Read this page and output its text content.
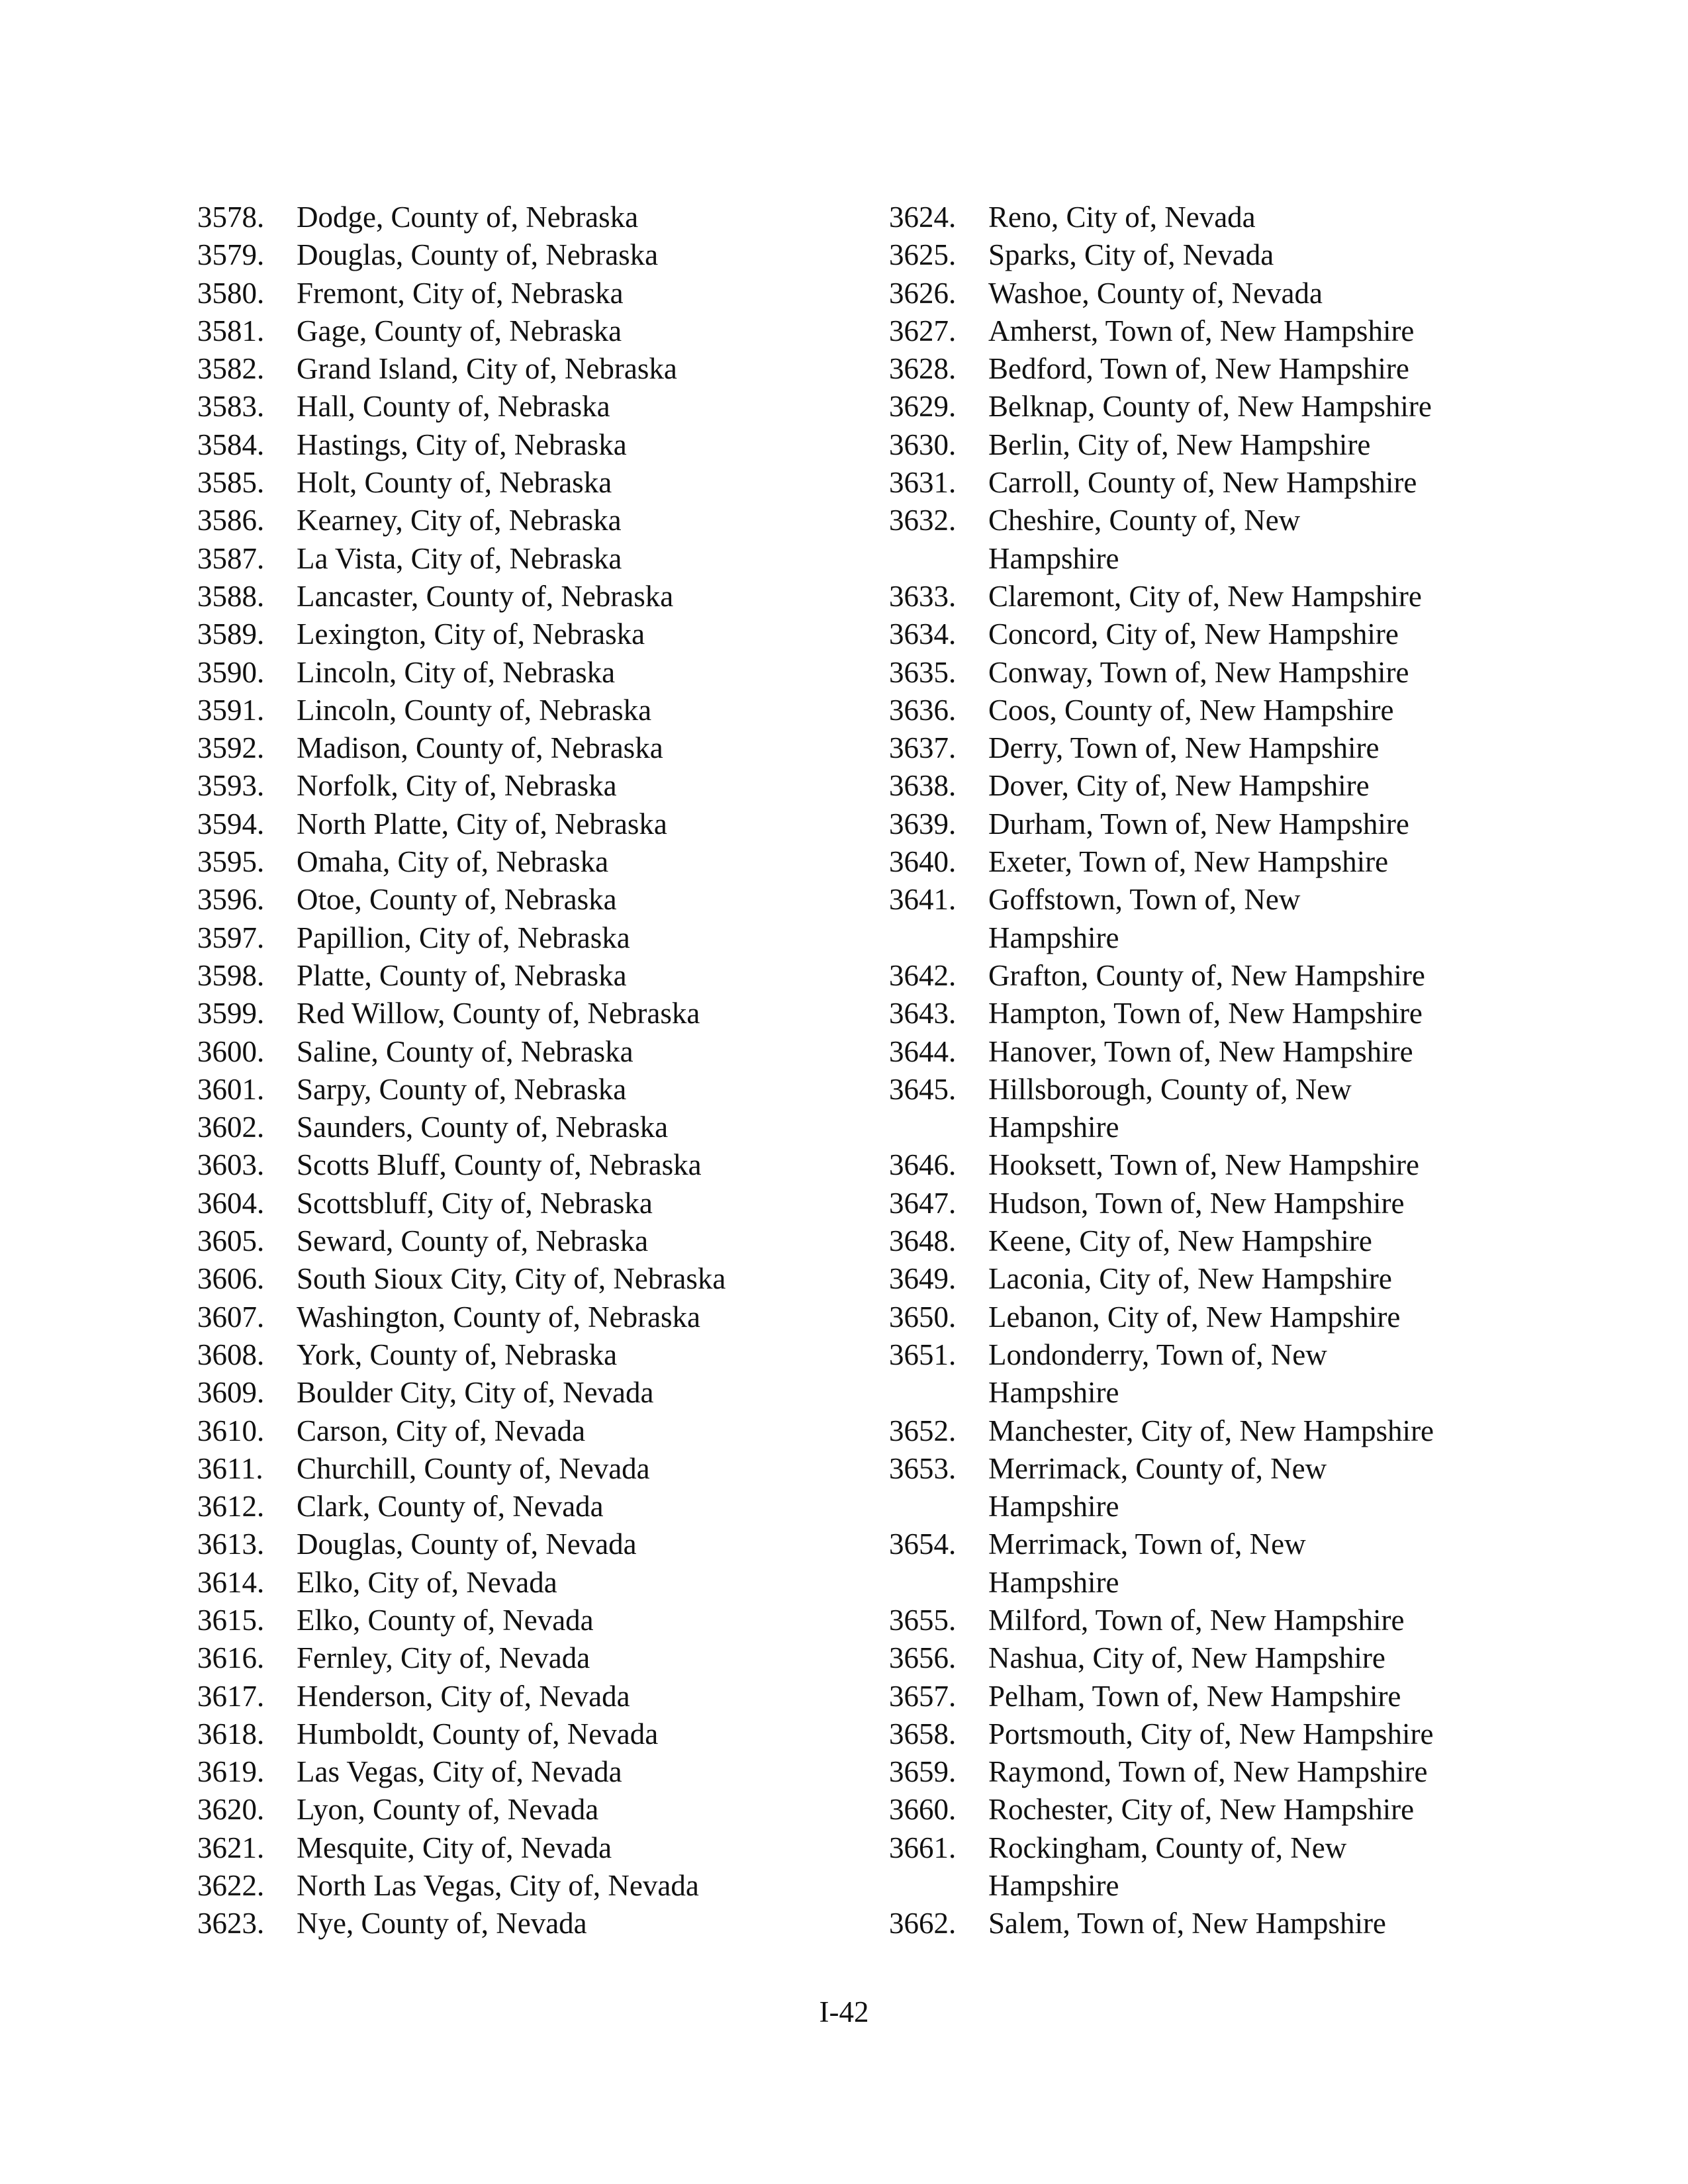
3578.	Dodge, County of, Nebraska
3579.	Douglas, County of, Nebraska
3580.	Fremont, City of, Nebraska
3581.	Gage, County of, Nebraska
3582.	Grand Island, City of, Nebraska
3583.	Hall, County of, Nebraska
3584.	Hastings, City of, Nebraska
3585.	Holt, County of, Nebraska
3586.	Kearney, City of, Nebraska
3587.	La Vista, City of, Nebraska
3588.	Lancaster, County of, Nebraska
3589.	Lexington, City of, Nebraska
3590.	Lincoln, City of, Nebraska
3591.	Lincoln, County of, Nebraska
3592.	Madison, County of, Nebraska
3593.	Norfolk, City of, Nebraska
3594.	North Platte, City of, Nebraska
3595.	Omaha, City of, Nebraska
3596.	Otoe, County of, Nebraska
3597.	Papillion, City of, Nebraska
3598.	Platte, County of, Nebraska
3599.	Red Willow, County of, Nebraska
3600.	Saline, County of, Nebraska
3601.	Sarpy, County of, Nebraska
3602.	Saunders, County of, Nebraska
3603.	Scotts Bluff, County of, Nebraska
3604.	Scottsbluff, City of, Nebraska
3605.	Seward, County of, Nebraska
3606.	South Sioux City, City of, Nebraska
3607.	Washington, County of, Nebraska
3608.	York, County of, Nebraska
3609.	Boulder City, City of, Nevada
3610.	Carson, City of, Nevada
3611.	Churchill, County of, Nevada
3612.	Clark, County of, Nevada
3613.	Douglas, County of, Nevada
3614.	Elko, City of, Nevada
3615.	Elko, County of, Nevada
3616.	Fernley, City of, Nevada
3617.	Henderson, City of, Nevada
3618.	Humboldt, County of, Nevada
3619.	Las Vegas, City of, Nevada
3620.	Lyon, County of, Nevada
3621.	Mesquite, City of, Nevada
3622.	North Las Vegas, City of, Nevada
3623.	Nye, County of, Nevada
3624.	Reno, City of, Nevada
3625.	Sparks, City of, Nevada
3626.	Washoe, County of, Nevada
3627.	Amherst, Town of, New Hampshire
3628.	Bedford, Town of, New Hampshire
3629.	Belknap, County of, New Hampshire
3630.	Berlin, City of, New Hampshire
3631.	Carroll, County of, New Hampshire
3632.	Cheshire, County of, New
Hampshire
3633.	Claremont, City of, New Hampshire
3634.	Concord, City of, New Hampshire
3635.	Conway, Town of, New Hampshire
3636.	Coos, County of, New Hampshire
3637.	Derry, Town of, New Hampshire
3638.	Dover, City of, New Hampshire
3639.	Durham, Town of, New Hampshire
3640.	Exeter, Town of, New Hampshire
3641.	Goffstown, Town of, New
Hampshire
3642.	Grafton, County of, New Hampshire
3643.	Hampton, Town of, New Hampshire
3644.	Hanover, Town of, New Hampshire
3645.	Hillsborough, County of, New
Hampshire
3646.	Hooksett, Town of, New Hampshire
3647.	Hudson, Town of, New Hampshire
3648.	Keene, City of, New Hampshire
3649.	Laconia, City of, New Hampshire
3650.	Lebanon, City of, New Hampshire
3651.	Londonderry, Town of, New
Hampshire
3652.	Manchester, City of, New Hampshire
3653.	Merrimack, County of, New
Hampshire
3654.	Merrimack, Town of, New
Hampshire
3655.	Milford, Town of, New Hampshire
3656.	Nashua, City of, New Hampshire
3657.	Pelham, Town of, New Hampshire
3658.	Portsmouth, City of, New Hampshire
3659.	Raymond, Town of, New Hampshire
3660.	Rochester, City of, New Hampshire
3661.	Rockingham, County of, New
Hampshire
3662.	Salem, Town of, New Hampshire
I-42
